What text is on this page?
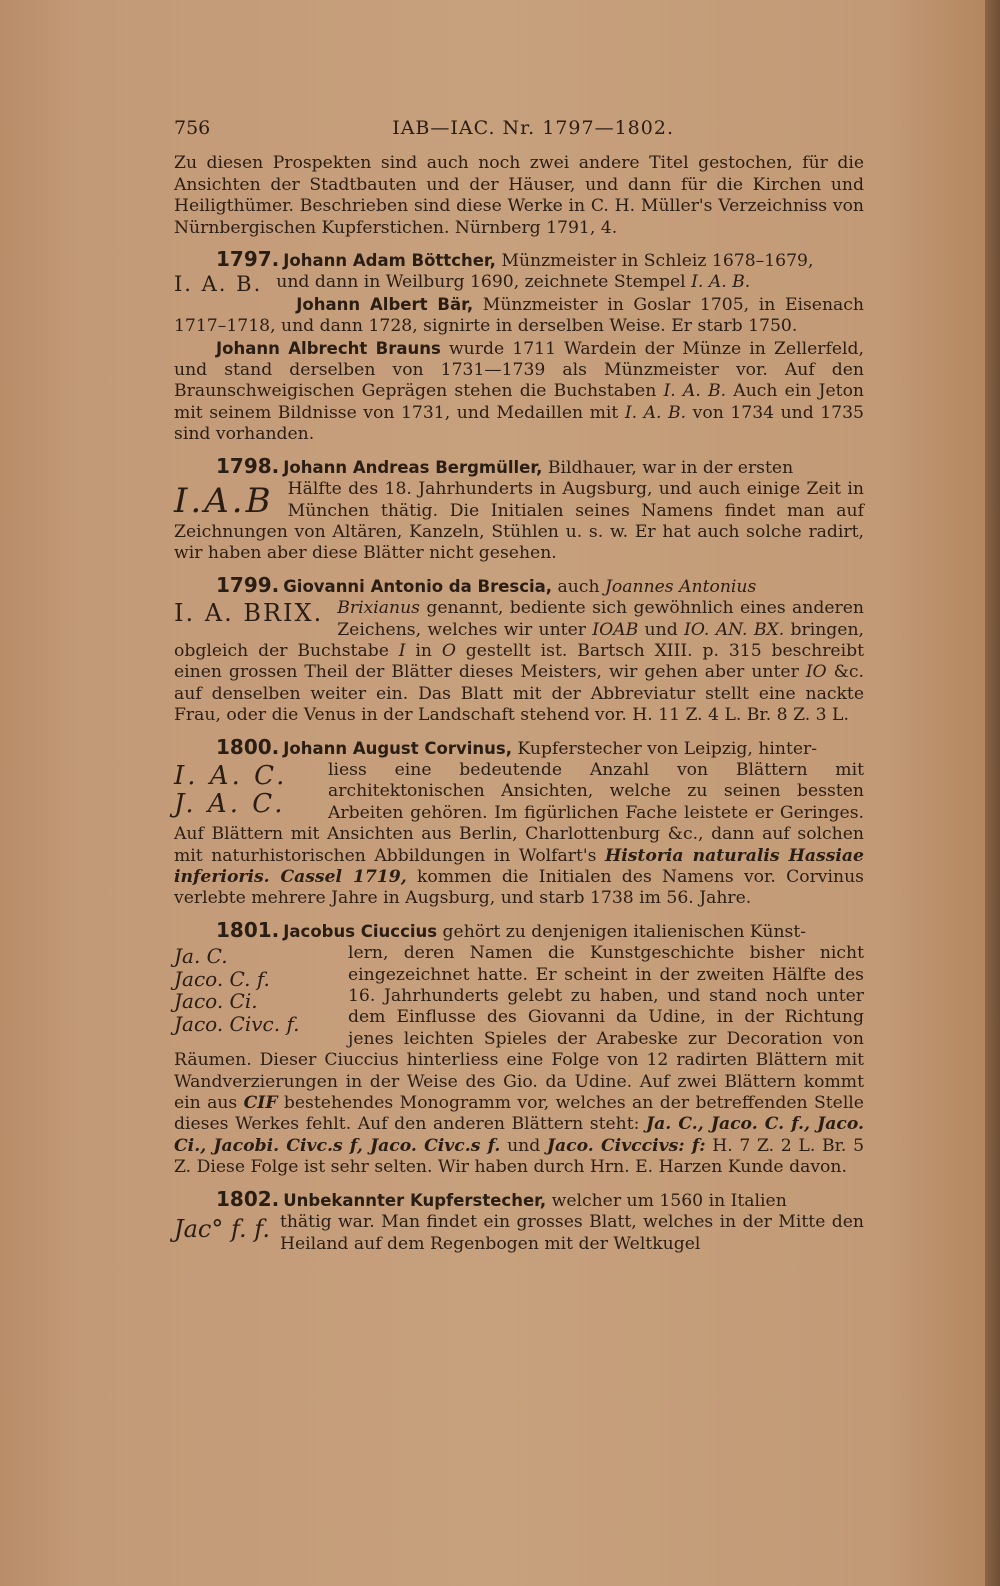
756	IAB—IAC. Nr. 1797—1802.

Zu diesen Prospekten sind auch noch zwei andere Titel gestochen, für die Ansichten der Stadtbauten und der Häuser, und dann für die Kirchen und Heiligthümer. Beschrieben sind diese Werke in C. H. Müller's Verzeichniss von Nürnbergischen Kupferstichen. Nürnberg 1791, 4.

1797. Johann Adam Böttcher, Münzmeister in Schleiz 1678–1679,
I. A. B. und dann in Weilburg 1690, zeichnete Stempel I. A. B.
Johann Albert Bär, Münzmeister in Goslar 1705, in Eisenach 1717–1718, und dann 1728, signirte in derselben Weise. Er starb 1750.
Johann Albrecht Brauns wurde 1711 Wardein der Münze in Zellerfeld, und stand derselben von 1731—1739 als Münzmeister vor. Auf den Braunschweigischen Geprägen stehen die Buchstaben I. A. B. Auch ein Jeton mit seinem Bildnisse von 1731, und Medaillen mit I. A. B. von 1734 und 1735 sind vorhanden.
1798. Johann Andreas Bergmüller, Bildhauer, war in der ersten
I.A.B Hälfte des 18. Jahrhunderts in Augsburg, und auch einige Zeit in München thätig. Die Initialen seines Namens findet man auf Zeichnungen von Altären, Kanzeln, Stühlen u. s. w. Er hat auch solche radirt, wir haben aber diese Blätter nicht gesehen.
1799. Giovanni Antonio da Brescia, auch Joannes Antonius
I. A. BRIX. Brixianus genannt, bediente sich gewöhnlich eines anderen Zeichens, welches wir unter IOAB und IO. AN. BX. bringen, obgleich der Buchstabe I in O gestellt ist. Bartsch XIII. p. 315 beschreibt einen grossen Theil der Blätter dieses Meisters, wir gehen aber unter IO &c. auf denselben weiter ein. Das Blatt mit der Abbreviatur stellt eine nackte Frau, oder die Venus in der Landschaft stehend vor. H. 11 Z. 4 L. Br. 8 Z. 3 L.
1800. Johann August Corvinus, Kupferstecher von Leipzig, hinter-
I. A. C.
J. A. C.
liess eine bedeutende Anzahl von Blättern mit architektonischen Ansichten, welche zu seinen bessten Arbeiten gehören. Im figürlichen Fache leistete er Geringes. Auf Blättern mit Ansichten aus Berlin, Charlottenburg &c., dann auf solchen mit naturhistorischen Abbildungen in Wolfart's Historia naturalis Hassiae inferioris. Cassel 1719, kommen die Initialen des Namens vor. Corvinus verlebte mehrere Jahre in Augsburg, und starb 1738 im 56. Jahre.
1801. Jacobus Ciuccius gehört zu denjenigen italienischen Künst-
Ja. C.
Jaco. C. f.
Jaco. Ci.
Jaco. Civc. f.
lern, deren Namen die Kunstgeschichte bisher nicht eingezeichnet hatte. Er scheint in der zweiten Hälfte des 16. Jahrhunderts gelebt zu haben, und stand noch unter dem Einflusse des Giovanni da Udine, in der Richtung jenes leichten Spieles der Arabeske zur Decoration von Räumen. Dieser Ciuccius hinterliess eine Folge von 12 radirten Blättern mit Wandverzierungen in der Weise des Gio. da Udine. Auf zwei Blättern kommt ein aus CIF bestehendes Monogramm vor, welches an der betreffenden Stelle dieses Werkes fehlt. Auf den anderen Blättern steht: Ja. C., Jaco. C. f., Jaco. Ci., Jacobi. Civc.s f, Jaco. Civc.s f. und Jaco. Civccivs: f: H. 7 Z. 2 L. Br. 5 Z. Diese Folge ist sehr selten. Wir haben durch Hrn. E. Harzen Kunde davon.
1802. Unbekannter Kupferstecher, welcher um 1560 in Italien
Jac° f. f. thätig war. Man findet ein grosses Blatt, welches in der Mitte den Heiland auf dem Regenbogen mit der Weltkugel
